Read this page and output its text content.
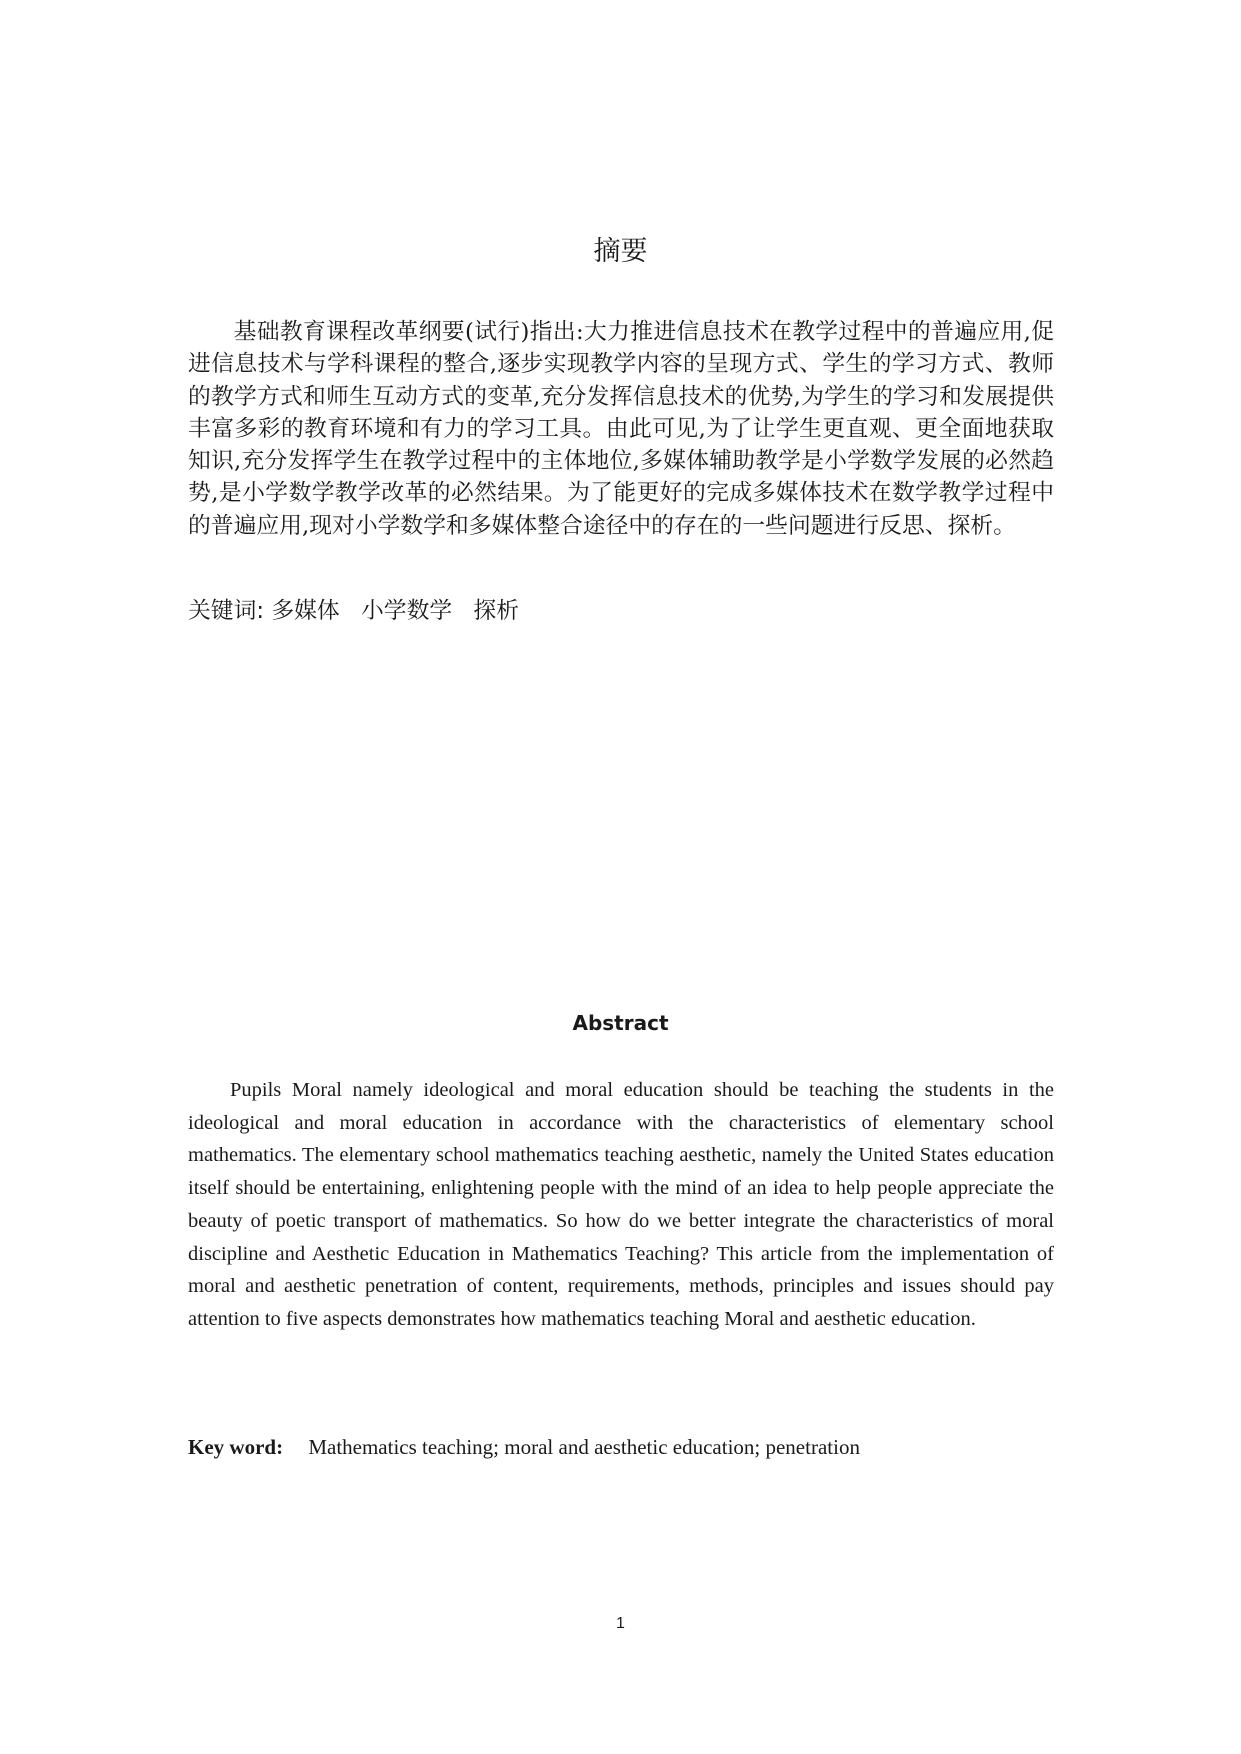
摘要

基础教育课程改革纲要(试行)指出:大力推进信息技术在教学过程中的普遍应用,促进信息技术与学科课程的整合,逐步实现教学内容的呈现方式、学生的学习方式、教师的教学方式和师生互动方式的变革,充分发挥信息技术的优势,为学生的学习和发展提供丰富多彩的教育环境和有力的学习工具。由此可见,为了让学生更直观、更全面地获取知识,充分发挥学生在教学过程中的主体地位,多媒体辅助教学是小学数学发展的必然趋势,是小学数学教学改革的必然结果。为了能更好的完成多媒体技术在数学教学过程中的普遍应用,现对小学数学和多媒体整合途径中的存在的一些问题进行反思、探析。

关键词: 多媒体 小学数学 探析

Abstract

Pupils Moral namely ideological and moral education should be teaching the students in the ideological and moral education in accordance with the characteristics of elementary school mathematics. The elementary school mathematics teaching aesthetic, namely the United States education itself should be entertaining, enlightening people with the mind of an idea to help people appreciate the beauty of poetic transport of mathematics. So how do we better integrate the characteristics of moral discipline and Aesthetic Education in Mathematics Teaching? This article from the implementation of moral and aesthetic penetration of content, requirements, methods, principles and issues should pay attention to five aspects demonstrates how mathematics teaching Moral and aesthetic education.

Key word: Mathematics teaching; moral and aesthetic education; penetration

1
